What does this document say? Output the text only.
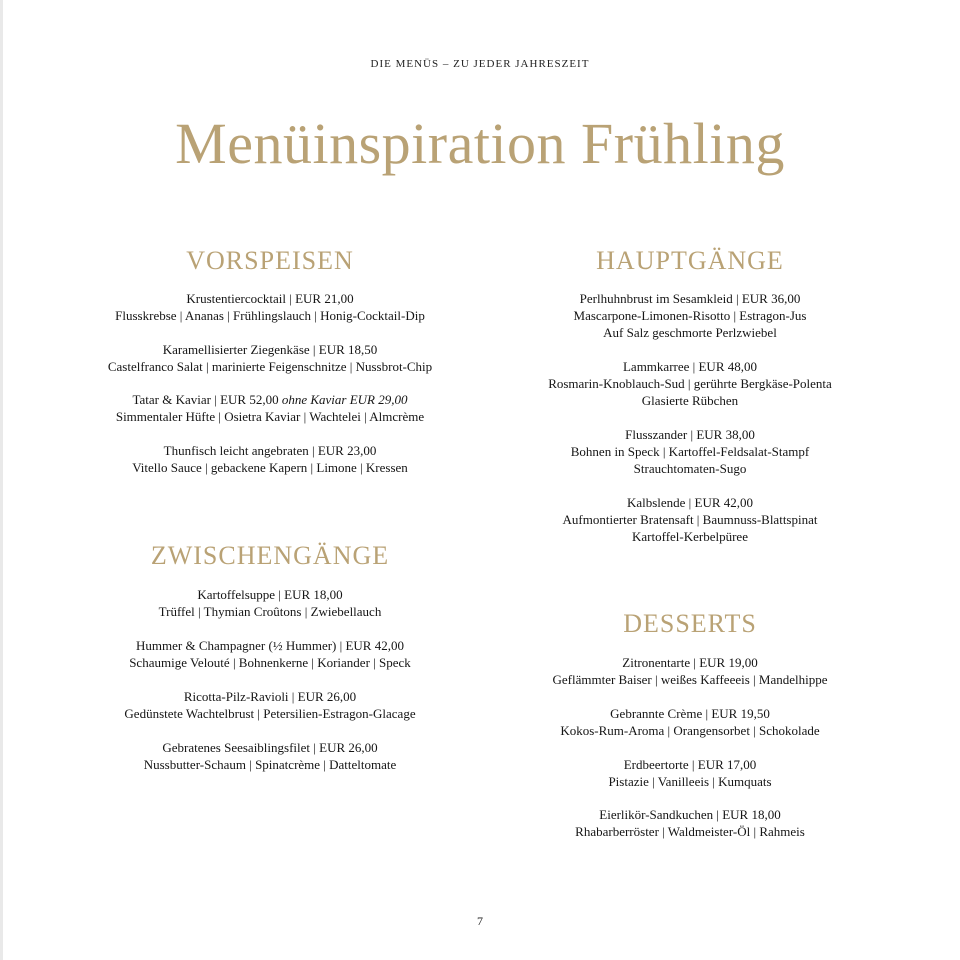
DIE MENÜS – ZU JEDER JAHRESZEIT
Menüinspiration Frühling
VORSPEISEN
Krustentiercocktail | EUR 21,00
Flusskrebse | Ananas | Frühlingslauch | Honig-Cocktail-Dip
Karamellisierter Ziegenkäse | EUR 18,50
Castelfranco Salat | marinierte Feigenschnitze | Nussbrot-Chip
Tatar & Kaviar | EUR 52,00 ohne Kaviar EUR 29,00
Simmentaler Hüfte | Osietra Kaviar | Wachtelei | Almcrème
Thunfisch leicht angebraten | EUR 23,00
Vitello Sauce | gebackene Kapern | Limone | Kressen
ZWISCHENGÄNGE
Kartoffelsuppe | EUR 18,00
Trüffel | Thymian Croûtons | Zwiebellauch
Hummer & Champagner (½ Hummer) | EUR 42,00
Schaumige Velouté | Bohnenkerne | Koriander | Speck
Ricotta-Pilz-Ravioli | EUR 26,00
Gedünstete Wachtelbrust | Petersilien-Estragon-Glacage
Gebratenes Seesaiblingsfilet | EUR 26,00
Nussbutter-Schaum | Spinatcrème | Datteltomate
HAUPTGÄNGE
Perlhuhnbrust im Sesamkleid | EUR 36,00
Mascarpone-Limonen-Risotto | Estragon-Jus
Auf Salz geschmorte Perlzwiebel
Lammkarree | EUR 48,00
Rosmarin-Knoblauch-Sud | gerührte Bergkäse-Polenta
Glasierte Rübchen
Flusszander | EUR 38,00
Bohnen in Speck | Kartoffel-Feldsalat-Stampf
Strauchtomaten-Sugo
Kalbslende | EUR 42,00
Aufmontierter Bratensaft | Baumnuss-Blattspinat
Kartoffel-Kerbelpüree
DESSERTS
Zitronentarte | EUR 19,00
Geflämmter Baiser | weißes Kaffeeeis | Mandelhippe
Gebrannte Crème | EUR 19,50
Kokos-Rum-Aroma | Orangensorbet | Schokolade
Erdbeertorte | EUR 17,00
Pistazie | Vanilleeis | Kumquats
Eierlikör-Sandkuchen | EUR 18,00
Rhabarberröster | Waldmeister-Öl | Rahmeis
7
